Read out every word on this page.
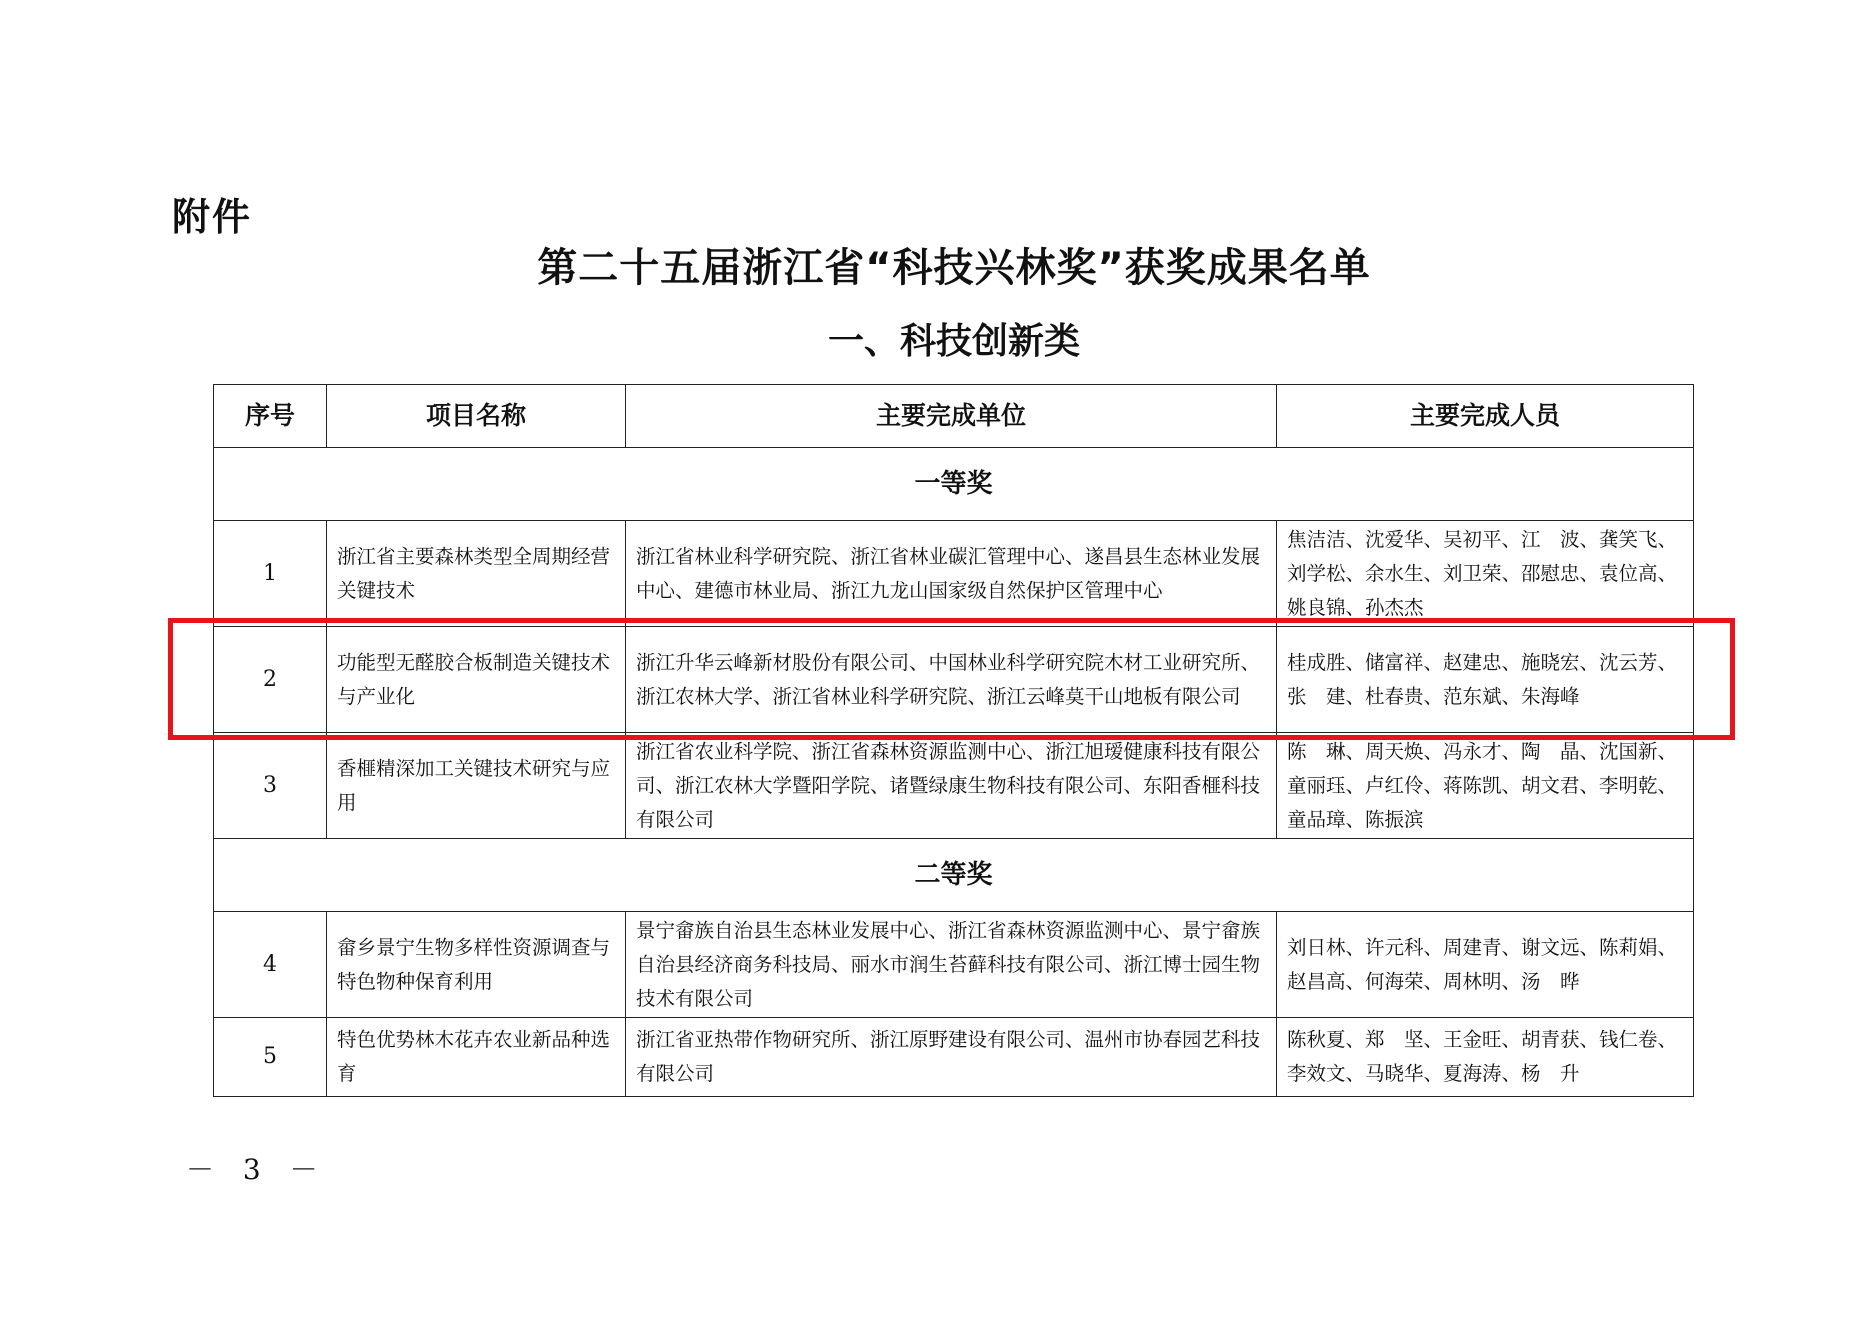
附件
第二十五届浙江省“科技兴林奖”获奖成果名单
一、科技创新类
序号	项目名称	主要完成单位	主要完成人员
一等奖			
1	浙江省主要森林类型全周期经营关键技术	浙江省林业科学研究院、浙江省林业碳汇管理中心、遂昌县生态林业发展中心、建德市林业局、浙江九龙山国家级自然保护区管理中心	焦洁洁、沈爱华、吴初平、江　波、龚笑飞、刘学松、余水生、刘卫荣、邵慰忠、袁位高、姚良锦、孙杰杰

2	功能型无醛胶合板制造关键技术与产业化	浙江升华云峰新材股份有限公司、中国林业科学研究院木材工业研究所、浙江农林大学、浙江省林业科学研究院、浙江云峰莫干山地板有限公司	桂成胜、储富祥、赵建忠、施晓宏、沈云芳、张　建、杜春贵、范东斌、朱海峰
3	香榧精深加工关键技术研究与应用	浙江省农业科学院、浙江省森林资源监测中心、浙江旭瑷健康科技有限公司、浙江农林大学暨阳学院、诸暨绿康生物科技有限公司、东阳香榧科技有限公司	陈　琳、周天焕、冯永才、陶　晶、沈国新、童丽珏、卢红伶、蒋陈凯、胡文君、李明乾、童品璋、陈振滨
二等奖			
4	畲乡景宁生物多样性资源调查与特色物种保育利用	景宁畲族自治县生态林业发展中心、浙江省森林资源监测中心、景宁畲族自治县经济商务科技局、丽水市润生苔藓科技有限公司、浙江博士园生物技术有限公司	刘日林、许元科、周建青、谢文远、陈莉娟、赵昌高、何海荣、周林明、汤　晔
5	特色优势林木花卉农业新品种选育	浙江省亚热带作物研究所、浙江原野建设有限公司、温州市协春园艺科技有限公司	陈秋夏、郑　坚、王金旺、胡青获、钱仁卷、李效文、马晓华、夏海涛、杨　升
－ 3 －
